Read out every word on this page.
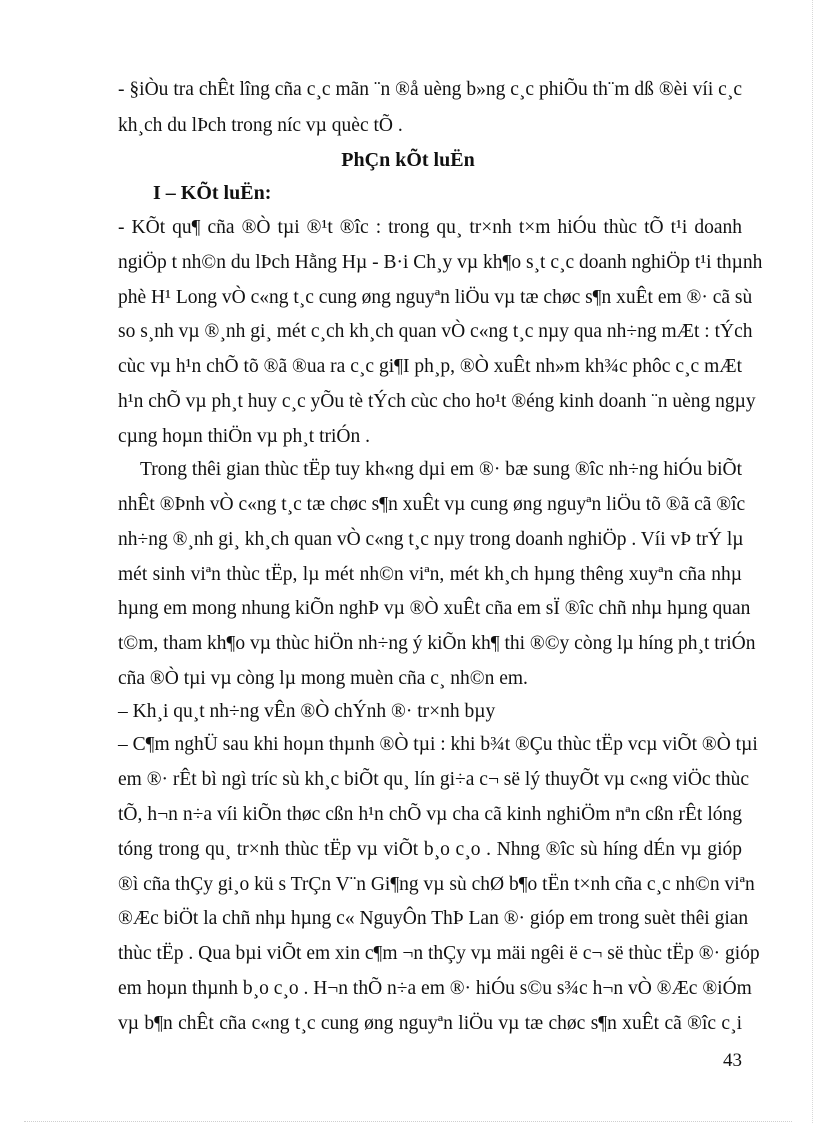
- §iÒu tra chÊt lîng cña c¸c mãn ¨n ®å uèng b»ng c¸c phiÕu th¨m dß ®èi víi c¸c
kh¸ch du lÞch trong níc vµ quèc tÕ .
PhÇn kÕt luËn
I – KÕt luËn:
- KÕt qu¶ cña ®Ò tµi ®¹t ®îc : trong qu¸ tr×nh t×m hiÓu thùc tÕ t¹i doanh
ngiÖp t nh©n du lÞch Hằng Hµ - B·i Ch¸y vµ kh¶o s¸t c¸c doanh nghiÖp t¹i thµnh
phè H¹ Long vÒ c«ng t¸c cung øng nguyªn liÖu vµ tæ chøc s¶n xuÊt em ®· cã sù
so s¸nh vµ ®¸nh gi¸ mét c¸ch kh¸ch quan vÒ c«ng t¸c nµy qua nh÷ng mÆt : tÝch
cùc vµ h¹n chÕ tõ ®ã ®ua ra c¸c gi¶I ph¸p, ®Ò xuÊt nh»m kh¾c phôc c¸c mÆt
h¹n chÕ vµ ph¸t huy c¸c yÕu tè tÝch cùc cho ho¹t ®éng kinh doanh ¨n uèng ngµy
cµng hoµn thiÖn vµ ph¸t triÓn .
Trong thêi gian thùc tËp tuy kh«ng dµi em ®· bæ sung ®îc nh÷ng hiÓu biÕt
nhÊt ®Þnh vÒ c«ng t¸c tæ chøc s¶n xuÊt vµ cung øng nguyªn liÖu tõ ®ã cã ®îc
nh÷ng ®¸nh gi¸ kh¸ch quan vÒ c«ng t¸c nµy trong doanh nghiÖp . Víi vÞ trÝ lµ
mét sinh viªn thùc tËp, lµ mét nh©n viªn, mét kh¸ch hµng thêng xuyªn cña nhµ
hµng em mong nhung kiÕn nghÞ vµ ®Ò xuÊt cña em sÏ ®îc chñ nhµ hµng quan
t©m, tham kh¶o vµ thùc hiÖn nh÷ng ý kiÕn kh¶ thi ®©y còng lµ híng ph¸t triÓn
cña ®Ò tµi vµ còng lµ mong muèn cña c¸ nh©n em.
– Kh¸i qu¸t nh÷ng vÊn ®Ò chÝnh ®· tr×nh bµy
– C¶m nghÜ sau khi hoµn thµnh ®Ò tµi : khi b¾t ®Çu thùc tËp vcµ viÕt ®Ò tµi
em ®· rÊt bì ngì tríc sù kh¸c biÕt qu¸ lín gi÷a c¬ së lý thuyÕt vµ c«ng viÖc thùc
tÕ, h¬n n÷a víi kiÕn thøc cßn h¹n chÕ vµ cha cã kinh nghiÖm nªn cßn rÊt lóng
tóng trong qu¸ tr×nh thùc tËp vµ viÕt b¸o c¸o . Nhng ®îc sù híng dÉn vµ gióp
®ì cña thÇy gi¸o kü s TrÇn V¨n Gi¶ng vµ sù chØ b¶o tËn t×nh cña c¸c nh©n viªn
®Æc biÖt la chñ nhµ hµng c« NguyÔn ThÞ Lan ®· gióp em trong suèt thêi gian
thùc tËp . Qua bµi viÕt em xin c¶m ¬n thÇy vµ mäi ngêi ë c¬ së thùc tËp ®· gióp
em hoµn thµnh b¸o c¸o . H¬n thÕ n÷a em ®· hiÓu s©u s¾c h¬n vÒ ®Æc ®iÓm
vµ b¶n chÊt cña c«ng t¸c cung øng nguyªn liÖu vµ tæ chøc s¶n xuÊt cã ®îc c¸i
43
